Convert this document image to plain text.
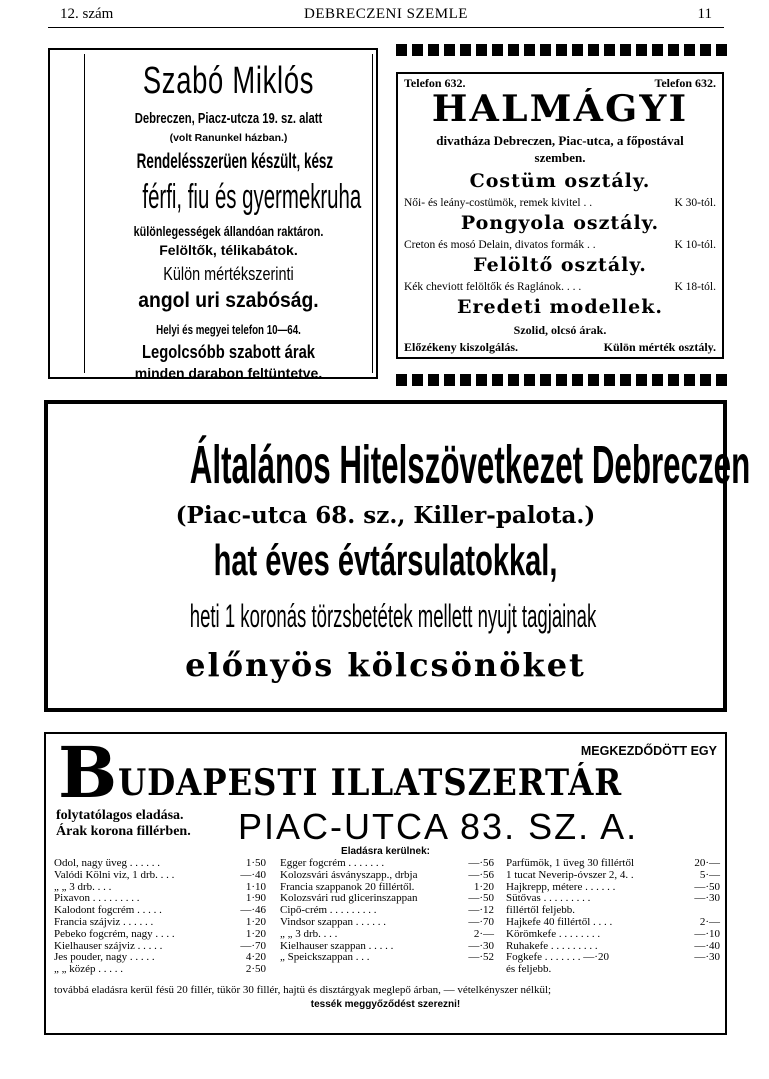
12. szám	DEBRECZENI SZEMLE	11
Szabó Miklós
Debreczen, Piacz-utcza 19. sz. alatt
(volt Ranunkel házban.)
Rendelésszerüen készült, kész
férfi, fiu és gyermekruha
különlegességek állandóan raktáron.
Felöltők, télikabátok.
Külön mértékszerinti
angol uri szabóság.
Helyi és megyei telefon 10—64.
Legolcsóbb szabott árak
minden darabon feltüntetve.
Telefon 632.	Telefon 632.
HALMÁGYI
divatháza Debreczen, Piac-utca, a főpostával
szemben.
Costüm osztály.
Női- és leány-costümök, remek kivitel . .	K 30-tól.
Pongyola osztály.
Creton és mosó Delain, divatos formák . .	K 10-tól.
Felöltő osztály.
Kék cheviott felöltők és Raglánok. . . .	K 18-tól.
Eredeti modellek.
Szolid, olcsó árak.
Előzékeny kiszolgálás.	Külön mérték osztály.
Általános Hitelszövetkezet Debreczen
(Piac-utca 68. sz., Killer-palota.)
hat éves évtársulatokkal,
heti 1 koronás törzsbetétek mellett nyujt tagjainak
előnyös kölcsönöket
B	MEGKEZDŐDÖTT EGY
UDAPESTI ILLATSZERTÁR
folytatólagos eladása.
Árak korona fillérben. PIAC-UTCA 83. SZ. A.
Eladásra kerülnek:
Odol, nagy üveg . . . . . .	1·50
Valódi Kölni viz, 1 drb. . . .	—·40
„ „ 3 drb. . . .	1·10
Pixavon . . . . . . . . .	1·90
Kalodont fogcrém . . . . .	—·46
Francia szájviz . . . . . .	1·20
Pebeko fogcrém, nagy . . . .	1·20
Kielhauser szájviz . . . . .	—·70
Jes pouder, nagy . . . . .	4·20
„ „ közép . . . . .	2·50
Egger fogcrém . . . . . . .	—·56
Kolozsvári ásványszapp., drbja	—·56
Francia szappanok 20 fillértől.	1·20
Kolozsvári rud glicerinszappan	—·50
Cipő-crém . . . . . . . . .	—·12
Vindsor szappan . . . . . .	—·70
„ „ 3 drb. . . .	2·—
Kielhauser szappan . . . . .	—·30
„ Speickszappan . . .	—·52
Parfümök, 1 üveg 30 fillértől	20·—
1 tucat Neverip-óvszer 2, 4. .	5·—
Hajkrepp, métere . . . . . .	—·50
Sütővas . . . . . . . . .	—·30
fillértől feljebb.
Hajkefe 40 fillértől . . . .	2·—
Körömkefe . . . . . . . .	—·10
Ruhakefe . . . . . . . . .	—·40
Fogkefe . . . . . . . —·20	—·30
és feljebb.
továbbá eladásra kerül fésü 20 fillér, tükör 30 fillér, hajtü és disztárgyak meglepő árban, — vételkényszer nélkül;
tessék meggyőződést szerezni!
